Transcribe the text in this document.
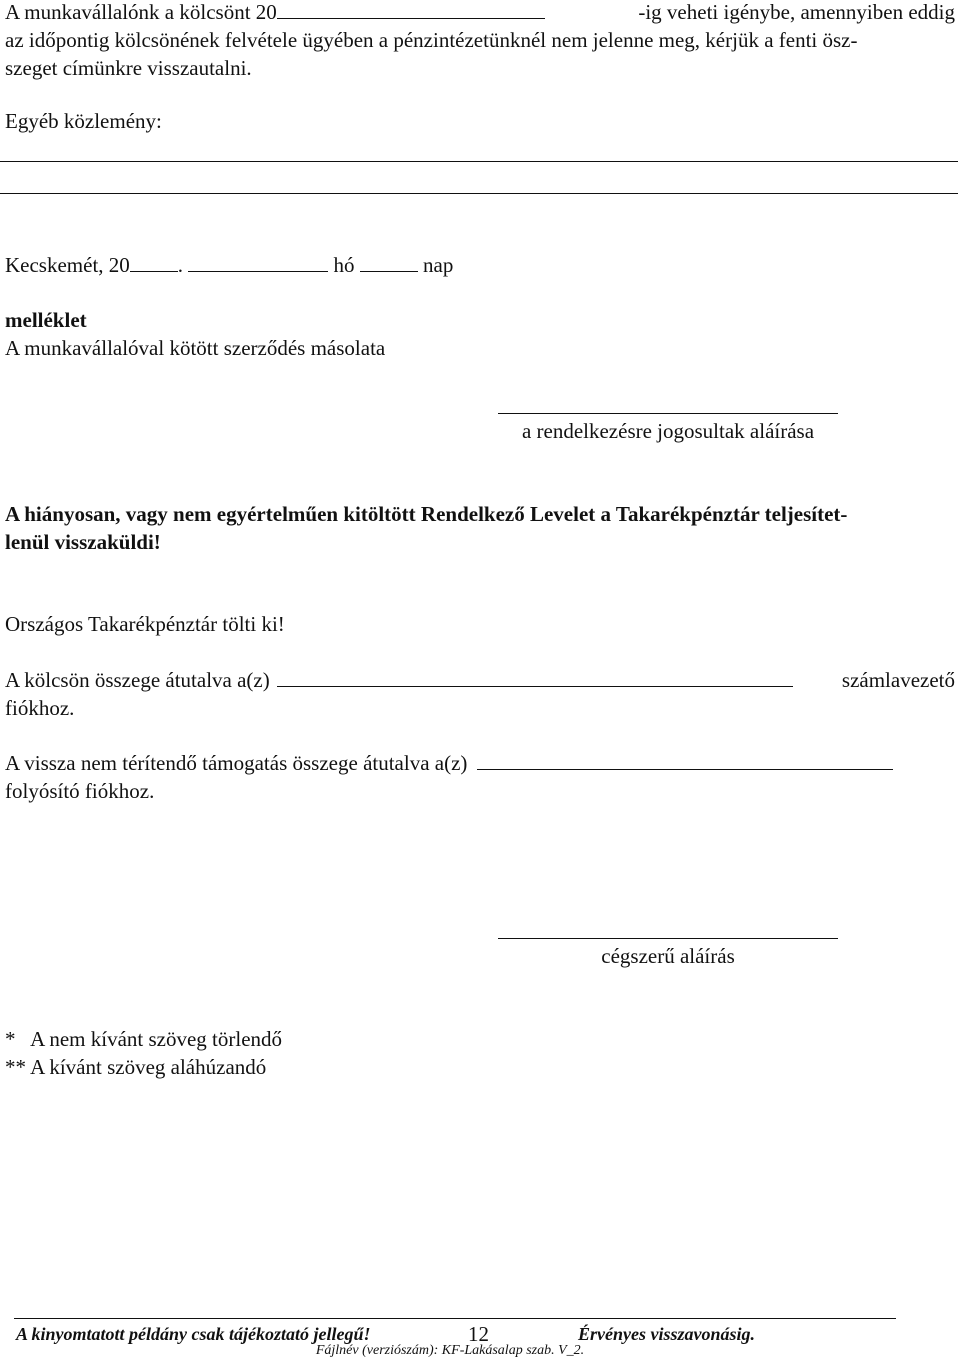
A munkavállalónk a kölcsönt 20	-ig veheti igénybe, amennyiben eddig
az időpontig kölcsönének felvétele ügyében a pénzintézetünknél nem jelenne meg, kérjük a fenti ösz-
szeget címünkre visszautalni.
Egyéb közlemény:
Kecskemét, 20 .	hó	nap
melléklet
A munkavállalóval kötött szerződés másolata
a rendelkezésre jogosultak aláírása
A hiányosan, vagy nem egyértelműen kitöltött Rendelkező Levelet a Takarékpénztár teljesítet-
lenül visszaküldi!
Országos Takarékpénztár tölti ki!
A kölcsön összege átutalva a(z)	számlavezető
fiókhoz.
A vissza nem térítendő támogatás összege átutalva a(z)
folyósító fiókhoz.
cégszerű aláírás
*   A nem kívánt szöveg törlendő
** A kívánt szöveg aláhúzandó
A kinyomtatott példány csak tájékoztató jellegű!	12	Érvényes visszavonásig.
Fájlnév (verziószám): KF-Lakásalap szab. V_2.
